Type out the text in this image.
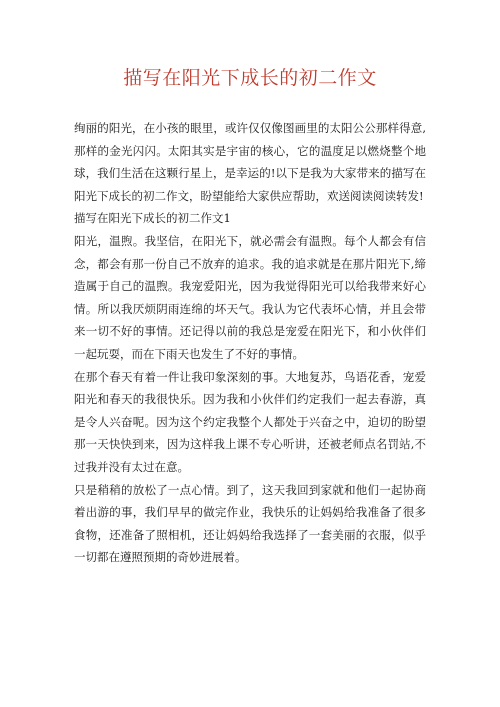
描写在阳光下成长的初二作文

绚丽的阳光，在小孩的眼里，或许仅仅像图画里的太阳公公那样得意,那样的金光闪闪。太阳其实是宇宙的核心，它的温度足以燃烧整个地球，我们生活在这颗行星上，是幸运的!以下是我为大家带来的描写在阳光下成长的初二作文，盼望能给大家供应帮助，欢送阅读阅读转发!

描写在阳光下成长的初二作文1

阳光，温煦。我坚信，在阳光下，就必需会有温煦。每个人都会有信念，都会有那一份自己不放弃的追求。我的追求就是在那片阳光下,缔造属于自己的温煦。我宠爱阳光，因为我觉得阳光可以给我带来好心情。所以我厌烦阴雨连绵的坏天气。我认为它代表坏心情，并且会带来一切不好的事情。还记得以前的我总是宠爱在阳光下，和小伙伴们一起玩耍，而在下雨天也发生了不好的事情。

在那个春天有着一件让我印象深刻的事。大地复苏，鸟语花香，宠爱阳光和春天的我很快乐。因为我和小伙伴们约定我们一起去春游，真是令人兴奋呢。因为这个约定我整个人都处于兴奋之中，迫切的盼望那一天快快到来，因为这样我上课不专心听讲，还被老师点名罚站,不过我并没有太过在意。

只是稍稍的放松了一点心情。到了，这天我回到家就和他们一起协商着出游的事，我们早早的做完作业，我快乐的让妈妈给我准备了很多食物，还准备了照相机，还让妈妈给我选择了一套美丽的衣服，似乎一切都在遵照预期的奇妙进展着。
